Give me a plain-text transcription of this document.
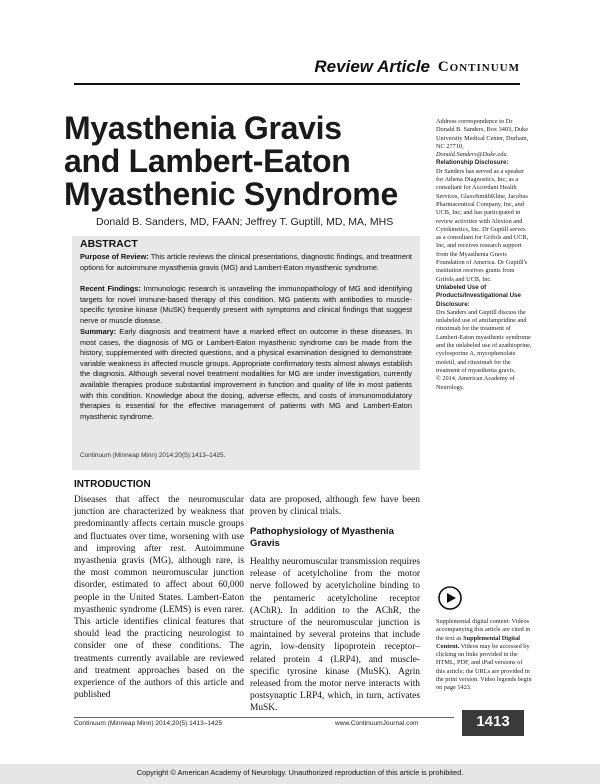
Review Article Continuum
Myasthenia Gravis
and Lambert-Eaton
Myasthenic Syndrome
Donald B. Sanders, MD, FAAN; Jeffrey T. Guptill, MD, MA, MHS
ABSTRACT
Purpose of Review: This article reviews the clinical presentations, diagnostic findings, and treatment options for autoimmune myasthenia gravis (MG) and Lambert-Eaton myasthenic syndrome.
Recent Findings: Immunologic research is unraveling the immunopathology of MG and identifying targets for novel immune-based therapy of this condition. MG patients with antibodies to muscle-specific tyrosine kinase (MuSK) frequently present with symptoms and clinical findings that suggest nerve or muscle disease.
Summary: Early diagnosis and treatment have a marked effect on outcome in these diseases. In most cases, the diagnosis of MG or Lambert-Eaton myasthenic syndrome can be made from the history, supplemented with directed questions, and a physical examination designed to demonstrate variable weakness in affected muscle groups. Appropriate confirmatory tests almost always establish the diagnosis. Although several novel treatment modalities for MG are under investigation, currently available therapies produce substantial improvement in function and quality of life in most patients with this condition. Knowledge about the dosing, adverse effects, and costs of immunomodulatory therapies is essential for the effective management of patients with MG and Lambert-Eaton myasthenic syndrome.
Continuum (Minneap Minn) 2014;20(5):1413–1425.

Address correspondence to Dr Donald B. Sanders, Box 3403, Duke University Medical Center, Durham, NC 27710, Donald.Sanders@Duke.edu.

Relationship Disclosure:
Dr Sanders has served as a speaker for Athena Diagnostics, Inc; as a consultant for Accordant Health Services, GlaxoSmithKline, Jacobus Pharmaceutical Company, Inc, and UCB, Inc; and has participated in review activities with Alexion and Cytokinetics, Inc. Dr Guptill serves as a consultant for Grifols and UCB, Inc, and receives research support from the Myasthenia Gravis Foundation of America. Dr Guptill's institution receives grants from Grifols and UCB, Inc.

Unlabeled Use of Products/Investigational Use Disclosure:
Drs Sanders and Guptill discuss the unlabeled use of amifampridine and rituximab for the treatment of Lambert-Eaton myasthenic syndrome and the unlabeled use of azathioprine, cyclosporine A, mycophenolate mofetil, and rituximab for the treatment of myasthenia gravis.

© 2014, American Academy of Neurology.

Supplemental digital content: Videos accompanying this article are cited in the text as Supplemental Digital Content. Videos may be accessed by clicking on links provided in the HTML, PDF, and iPad versions of this article; the URLs are provided in the print version. Video legends begin on page 1423.
INTRODUCTION
Diseases that affect the neuromuscular junction are characterized by weakness that predominantly affects certain muscle groups and fluctuates over time, worsening with use and improving after rest. Autoimmune myasthenia gravis (MG), although rare, is the most common neuromuscular junction disorder, estimated to affect about 60,000 people in the United States. Lambert-Eaton myasthenic syndrome (LEMS) is even rarer. This article identifies clinical features that should lead the practicing neurologist to consider one of these conditions. The treatments currently available are reviewed and treatment approaches based on the experience of the authors of this article and published
data are proposed, although few have been proven by clinical trials.
Pathophysiology of Myasthenia Gravis
Healthy neuromuscular transmission requires release of acetylcholine from the motor nerve followed by acetylcholine binding to the pentameric acetylcholine receptor (AChR). In addition to the AChR, the structure of the neuromuscular junction is maintained by several proteins that include agrin, low-density lipoprotein receptor–related protein 4 (LRP4), and muscle-specific tyrosine kinase (MuSK). Agrin released from the motor nerve interacts with postsynaptic LRP4, which, in turn, activates MuSK.
Continuum (Minneap Minn) 2014;20(5):1413–1425	www.ContinuumJournal.com	1413
Copyright © American Academy of Neurology. Unauthorized reproduction of this article is prohibited.
